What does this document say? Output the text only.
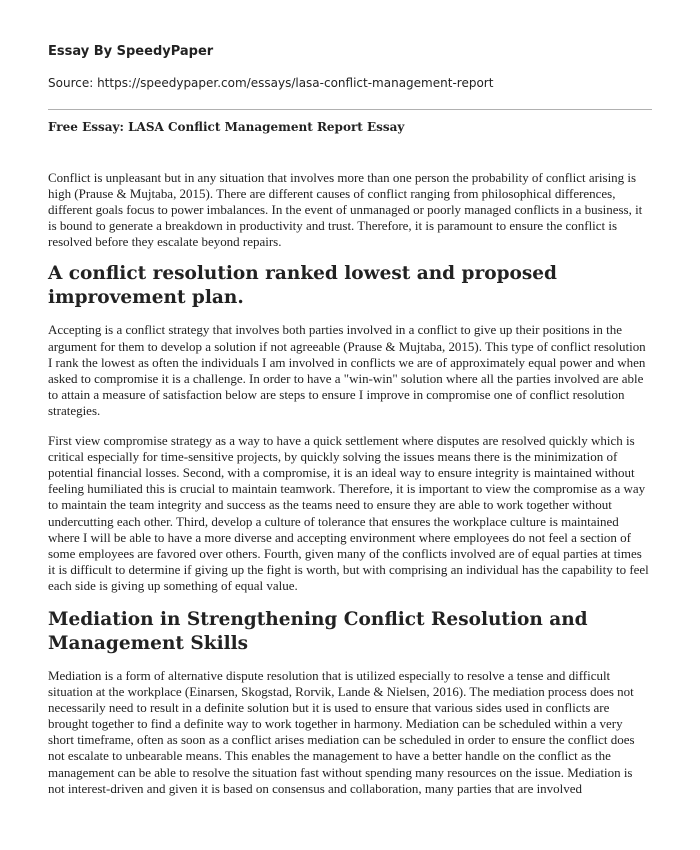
Essay By SpeedyPaper

Source: https://speedypaper.com/essays/lasa-conflict-management-report

Free Essay: LASA Conflict Management Report Essay

Conflict is unpleasant but in any situation that involves more than one person the probability of conflict arising is high (Prause & Mujtaba, 2015). There are different causes of conflict ranging from philosophical differences, different goals focus to power imbalances. In the event of unmanaged or poorly managed conflicts in a business, it is bound to generate a breakdown in productivity and trust. Therefore, it is paramount to ensure the conflict is resolved before they escalate beyond repairs.

A conflict resolution ranked lowest and proposed improvement plan.

Accepting is a conflict strategy that involves both parties involved in a conflict to give up their positions in the argument for them to develop a solution if not agreeable (Prause & Mujtaba, 2015). This type of conflict resolution I rank the lowest as often the individuals I am involved in conflicts we are of approximately equal power and when asked to compromise it is a challenge. In order to have a "win-win" solution where all the parties involved are able to attain a measure of satisfaction below are steps to ensure I improve in compromise one of conflict resolution strategies.

First view compromise strategy as a way to have a quick settlement where disputes are resolved quickly which is critical especially for time-sensitive projects, by quickly solving the issues means there is the minimization of potential financial losses. Second, with a compromise, it is an ideal way to ensure integrity is maintained without feeling humiliated this is crucial to maintain teamwork. Therefore, it is important to view the compromise as a way to maintain the team integrity and success as the teams need to ensure they are able to work together without undercutting each other. Third, develop a culture of tolerance that ensures the workplace culture is maintained where I will be able to have a more diverse and accepting environment where employees do not feel a section of some employees are favored over others. Fourth, given many of the conflicts involved are of equal parties at times it is difficult to determine if giving up the fight is worth, but with comprising an individual has the capability to feel each side is giving up something of equal value.

Mediation in Strengthening Conflict Resolution and Management Skills

Mediation is a form of alternative dispute resolution that is utilized especially to resolve a tense and difficult situation at the workplace (Einarsen, Skogstad, Rorvik, Lande & Nielsen, 2016). The mediation process does not necessarily need to result in a definite solution but it is used to ensure that various sides used in conflicts are brought together to find a definite way to work together in harmony. Mediation can be scheduled within a very short timeframe, often as soon as a conflict arises mediation can be scheduled in order to ensure the conflict does not escalate to unbearable means. This enables the management to have a better handle on the conflict as the management can be able to resolve the situation fast without spending many resources on the issue. Mediation is not interest-driven and given it is based on consensus and collaboration, many parties that are involved
